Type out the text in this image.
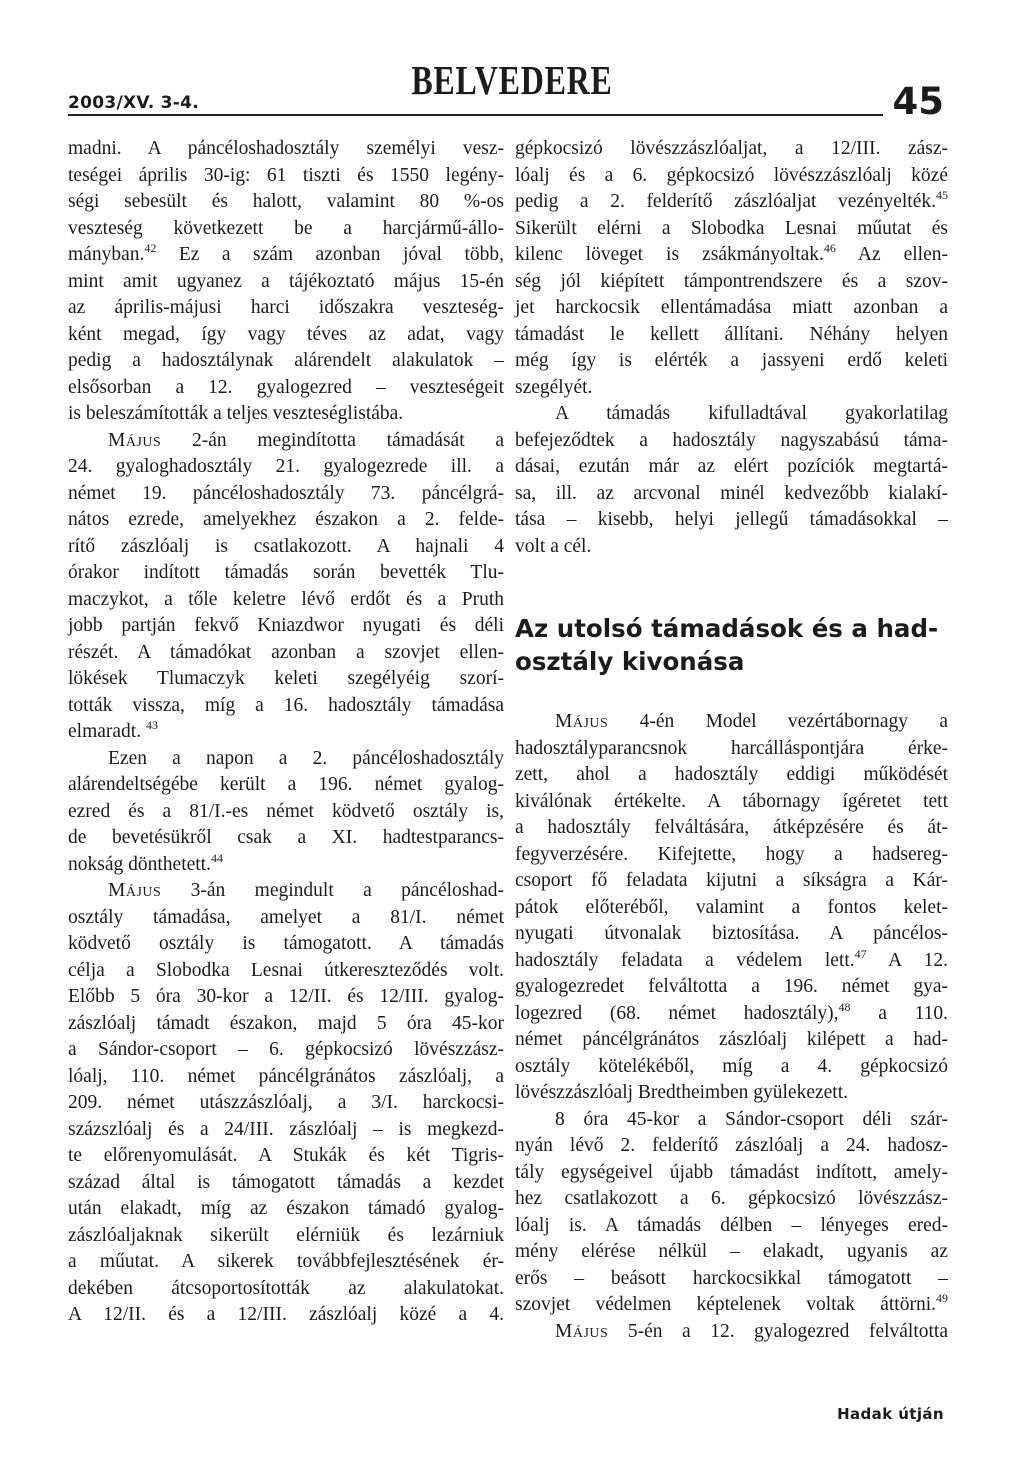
2003/XV. 3-4.	BELVEDERE	45
madni. A páncéloshadosztály személyi vesz-
teségei április 30-ig: 61 tiszti és 1550 legény-
ségi sebesült és halott, valamint 80 %-os
veszteség következett be a harcjármű-állo-
mányban.$^{42}$ Ez a szám azonban jóval több,
mint amit ugyanez a tájékoztató május 15-én
az április-májusi harci időszakra veszteség-
ként megad, így vagy téves az adat, vagy
pedig a hadosztálynak alárendelt alakulatok –
elsősorban a 12. gyalogezred – veszteségeit
is beleszámították a teljes veszteséglistába.
Május 2-án megindította támadását a
24. gyaloghadosztály 21. gyalogezrede ill. a
német 19. páncéloshadosztály 73. páncélgrá-
nátos ezrede, amelyekhez északon a 2. felde-
rítő zászlóalj is csatlakozott. A hajnali 4
órakor indított támadás során bevették Tlu-
maczykot, a tőle keletre lévő erdőt és a Pruth
jobb partján fekvő Kniazdwor nyugati és déli
részét. A támadókat azonban a szovjet ellen-
lökések Tlumaczyk keleti szegélyéig szorí-
tották vissza, míg a 16. hadosztály támadása
elmaradt. $^{43}$
Ezen a napon a 2. páncéloshadosztály
alárendeltségébe került a 196. német gyalog-
ezred és a 81/I.-es német ködvető osztály is,
de bevetésükről csak a XI. hadtestparancs-
nokság dönthetett.$^{44}$
Május 3-án megindult a páncéloshad-
osztály támadása, amelyet a 81/I. német
ködvető osztály is támogatott. A támadás
célja a Slobodka Lesnai útkereszteződés volt.
Előbb 5 óra 30-kor a 12/II. és 12/III. gyalog-
zászlóalj támadt északon, majd 5 óra 45-kor
a Sándor-csoport – 6. gépkocsizó lövészzász-
lóalj, 110. német páncélgránátos zászlóalj, a
209. német utászzászlóalj, a 3/I. harckocsi-
százszlóalj és a 24/III. zászlóalj – is megkezd-
te előrenyomulását. A Stukák és két Tigris-
század által is támogatott támadás a kezdet
után elakadt, míg az északon támadó gyalog-
zászlóaljaknak sikerült elérniük és lezárniuk
a műutat. A sikerek továbbfejlesztésének ér-
dekében átcsoportosították az alakulatokat.
A 12/II. és a 12/III. zászlóalj közé a 4.
gépkocsizó lövészzászlóaljat, a 12/III. zász-
lóalj és a 6. gépkocsizó lövészzászlóalj közé
pedig a 2. felderítő zászlóaljat vezényelték.$^{45}$
Sikerült elérni a Slobodka Lesnai műutat és
kilenc löveget is zsákmányoltak.$^{46}$ Az ellen-
ség jól kiépített támpontrendszere és a szov-
jet harckocsik ellentámadása miatt azonban a
támadást le kellett állítani. Néhány helyen
még így is elérték a jassyeni erdő keleti
szegélyét.
A támadás kifulladtával gyakorlatilag
befejeződtek a hadosztály nagyszabású táma-
dásai, ezután már az elért pozíciók megtartá-
sa, ill. az arcvonal minél kedvezőbb kialakí-
tása – kisebb, helyi jellegű támadásokkal –
volt a cél.
Az utolsó támadások és a had-
osztály kivonása
Május 4-én Model vezértábornagy a
hadosztályparancsnok harcálláspontjára érke-
zett, ahol a hadosztály eddigi működését
kiválónak értékelte. A tábornagy ígéretet tett
a hadosztály felváltására, átképzésére és át-
fegyverzésére. Kifejtette, hogy a hadsereg-
csoport fő feladata kijutni a síkságra a Kár-
pátok előteréből, valamint a fontos kelet-
nyugati útvonalak biztosítása. A páncélos-
hadosztály feladata a védelem lett.$^{47}$ A 12.
gyalogezredet felváltotta a 196. német gya-
logezred (68. német hadosztály),$^{48}$ a 110.
német páncélgránátos zászlóalj kilépett a had-
osztály kötelékéből, míg a 4. gépkocsizó
lövészzászlóalj Bredtheimben gyülekezett.
8 óra 45-kor a Sándor-csoport déli szár-
nyán lévő 2. felderítő zászlóalj a 24. hadosz-
tály egységeivel újabb támadást indított, amely-
hez csatlakozott a 6. gépkocsizó lövészzász-
lóalj is. A támadás délben – lényeges ered-
mény elérése nélkül – elakadt, ugyanis az
erős – beásott harckocsikkal támogatott –
szovjet védelmen képtelenek voltak áttörni.$^{49}$
Május 5-én a 12. gyalogezred felváltotta
Hadak útján
